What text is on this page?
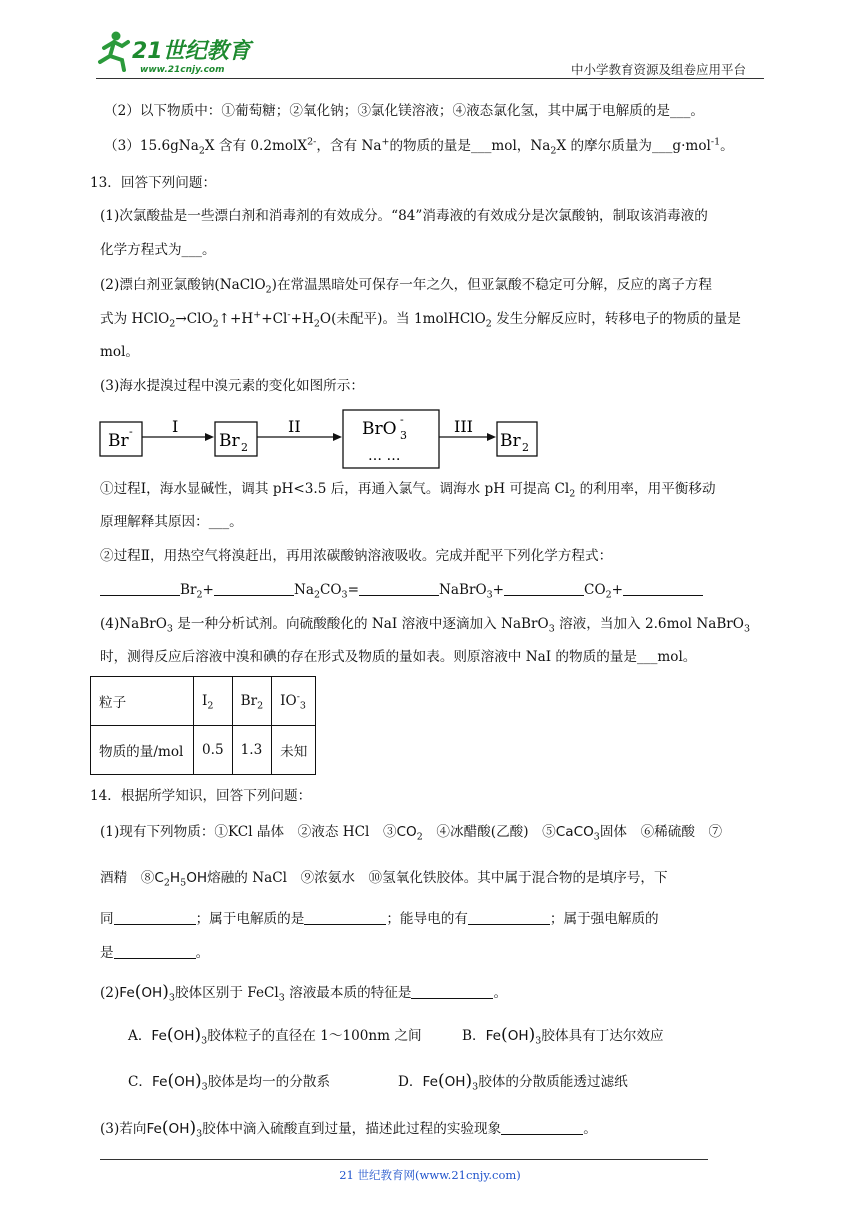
21世纪教育
www.21cnjy.com	中小学教育资源及组卷应用平台
（2）以下物质中：①葡萄糖；②氧化钠；③氯化镁溶液；④液态氯化氢，其中属于电解质的是___。
（3）15.6gNa$_2$X 含有 0.2molX$^{2-}$，含有 Na+的物质的量是___mol，$Na_2X$ 的摩尔质量为___g·mol$^{-1}$。
13．回答下列问题：
(1)次氯酸盐是一些漂白剂和消毒剂的有效成分。“84”消毒液的有效成分是次氯酸钠，制取该消毒液的
化学方程式为___。
(2)漂白剂亚氯酸钠(NaClO$_2$)在常温黑暗处可保存一年之久，但亚氯酸不稳定可分解，反应的离子方程
式为 $HClO_2\to ClO_2↑+H^++Cl^-+H_2O$(未配平)。当 1molHClO$_2$ 发生分解反应时，转移电子的物质的量是
mol。
(3)海水提溴过程中溴元素的变化如图所示：
Br - I
Br 2
II	BrO 3
-
… …
III
Br 2
①过程Ⅰ，海水显碱性，调其 pH<3.5 后，再通入氯气。调海水 pH 可提高 $Cl_2$ 的利用率，用平衡移动
原理解释其原因：___。
②过程Ⅱ，用热空气将溴赶出，再用浓碳酸钠溶液吸收。完成并配平下列化学方程式：
$Br_2+$	$Na_2CO_3=$	NaBrO$_3$+	$CO_2+$
(4)NaBrO$_3$ 是一种分析试剂。向硫酸酸化的 NaI 溶液中逐滴加入 NaBrO$_3$ 溶液，当加入 2.6mol NaBrO$_3$
时，测得反应后溶液中溴和碘的存在形式及物质的量如表。则原溶液中 NaI 的物质的量是___mol。
粒子	$I_2$	$Br_2$	$IO^-_3$
物质的量/mol	0.5	1.3	未知
14．根据所学知识，回答下列问题：
(1)现有下列物质：①KCl 晶体　②液态 HCl　$③CO_2$　④冰醋酸(乙酸)　⑤CaCO$_3$固体　⑥稀硫酸　⑦
酒精　$⑧C_2H_5OH$熔融的 NaCl　⑨浓氨水　⑩氢氧化铁胶体。其中属于混合物的是填序号，下
同	；属于电解质的是	；能导电的有	；属于强电解质的
是	。
$(2)Fe(OH)_3$胶体区别于 FeCl$_3$ 溶液最本质的特征是	。
A．$Fe(OH)_3$胶体粒子的直径在 1～100nm 之间	B．$Fe(OH)_3$胶体具有丁达尔效应
C．$Fe(OH)_3$胶体是均一的分散系	D．$Fe(OH)_3$胶体的分散质能透过滤纸
(3)若向$Fe(OH)_3$胶体中滴入硫酸直到过量，描述此过程的实验现象	。
21 世纪教育网(www.21cnjy.com)
